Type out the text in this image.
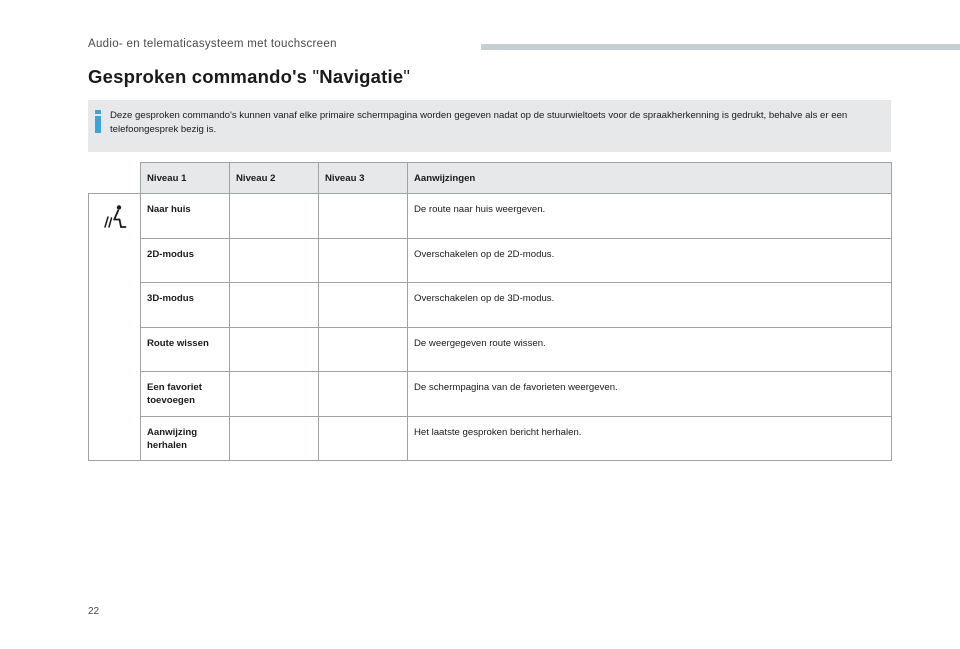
Audio- en telematicasysteem met touchscreen
Gesproken commando's "Navigatie"
Deze gesproken commando's kunnen vanaf elke primaire schermpagina worden gegeven nadat op de stuurwieltoets voor de spraakherkenning is gedrukt, behalve als er een telefoongesprek bezig is.
	Niveau 1	Niveau 2	Niveau 3	Aanwijzingen
	Naar huis			De route naar huis weergeven.
	2D-modus			Overschakelen op de 2D-modus.
	3D-modus			Overschakelen op de 3D-modus.
	Route wissen			De weergegeven route wissen.
	Een favoriet toevoegen			De schermpagina van de favorieten weergeven.
	Aanwijzing herhalen			Het laatste gesproken bericht herhalen.
22
